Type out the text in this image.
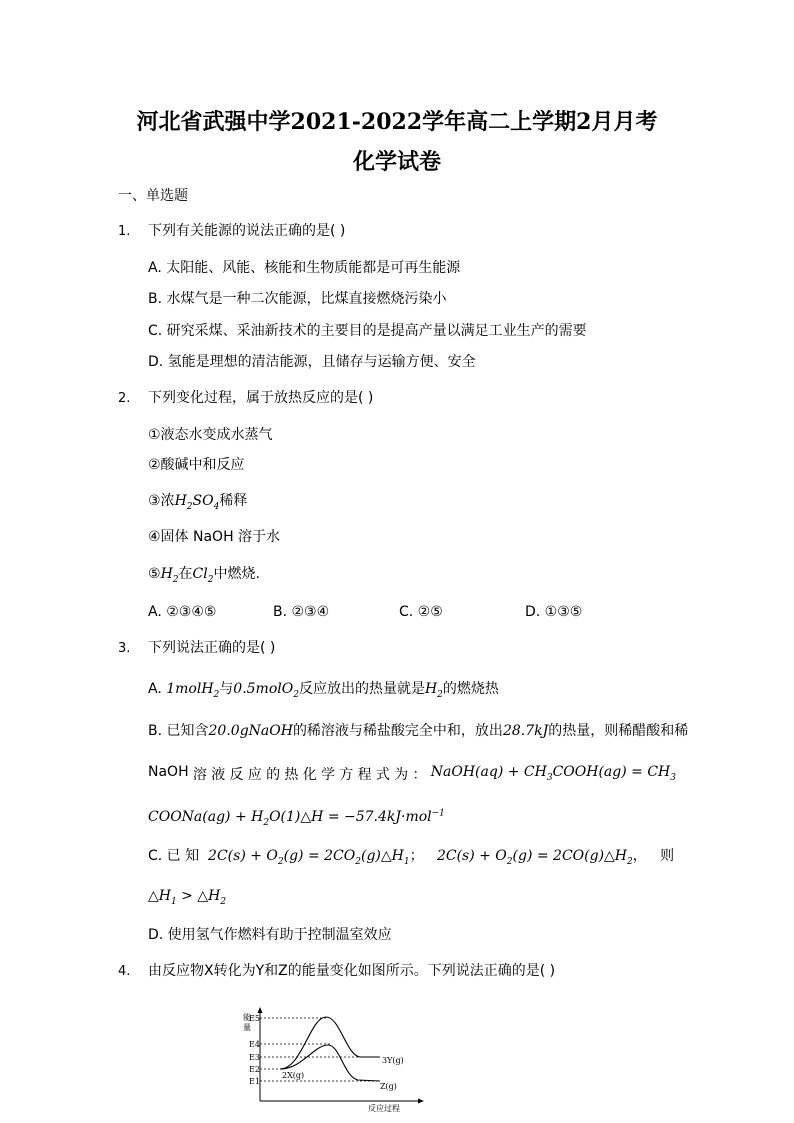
河北省武强中学2021-2022学年高二上学期2月月考
化学试卷
一、单选题
1. 下列有关能源的说法正确的是( )
A. 太阳能、风能、核能和生物质能都是可再生能源
B. 水煤气是一种二次能源，比煤直接燃烧污染小
C. 研究采煤、采油新技术的主要目的是提高产量以满足工业生产的需要
D. 氢能是理想的清洁能源，且储存与运输方便、安全
2. 下列变化过程，属于放热反应的是( )
①液态水变成水蒸气
②酸碱中和反应
③浓$H_2SO_4$稀释
④固体 NaOH 溶于水
$⑤H_2$在$Cl_2$中燃烧.
A. ②③④⑤	B. ②③④	C. ②⑤	D. ①③⑤
3. 下列说法正确的是( )
A. 1molH$_2$与0.5molO$_2$反应放出的热量就是$H_2$的燃烧热
B. 已知含20.0gNaOH的稀溶液与稀盐酸完全中和，放出28.7kJ的热量，则稀醋酸和稀
NaOH 溶 液 反 应 的 热 化 学 方 程 式 为 ： NaOH(aq) + $CH_3COOH(ag) = CH_3$
COONa(ag) + $H_2O(1)\triangle H = -57.4kJ\cdot mol^{-1}$
C. 已 知 $2C(s) + O_2(g)$ = $2CO_2(g)\triangle H_1$；   $2C(s) + O_2(g)$ = $2CO(g)\triangle H_2$，   则
$\triangle H_1$ > $\triangle H_2$
D. 使用氢气作燃料有助于控制温室效应
4. 由反应物X转化为Y和Z的能量变化如图所示。下列说法正确的是( )
能
量
反应过程
E5
E4
E3
E2
E1
2X(g)
3Y(g)
Z(g)
